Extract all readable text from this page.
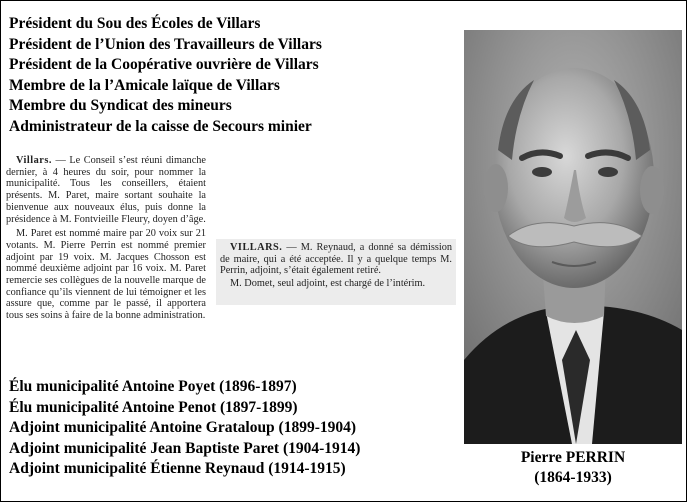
Président du Sou des Écoles de Villars
Président de l’Union des Travailleurs de Villars
Président de la Coopérative ouvrière de Villars
Membre de la l’Amicale laïque de Villars
Membre du Syndicat des mineurs
Administrateur de la caisse de Secours minier

Villars. — Le Conseil s’est réuni dimanche dernier, à 4 heures du soir, pour nommer la municipalité. Tous les conseillers, étaient présents. M. Paret, maire sortant souhaite la bienvenue aux nouveaux élus, puis donne la présidence à M. Fontvieille Fleury, doyen d’âge.

M. Paret est nommé maire par 20 voix sur 21 votants. M. Pierre Perrin est nommé premier adjoint par 19 voix. M. Jacques Chosson est nommé deuxième adjoint par 16 voix. M. Paret remercie ses collègues de la nouvelle marque de confiance qu’ils viennent de lui témoigner et les assure que, comme par le passé, il apportera tous ses soins à faire de la bonne administration.

VILLARS. — M. Reynaud, a donné sa démission de maire, qui a été acceptée. Il y a quelque temps M. Perrin, adjoint, s’était également retiré.

M. Domet, seul adjoint, est chargé de l’intérim.

Élu municipalité Antoine Poyet (1896-1897)
Élu municipalité Antoine Penot (1897-1899)
Adjoint municipalité Antoine Grataloup (1899-1904)
Adjoint municipalité Jean Baptiste Paret (1904-1914)
Adjoint municipalité Étienne Reynaud (1914-1915)
Pierre PERRIN
(1864-1933)
